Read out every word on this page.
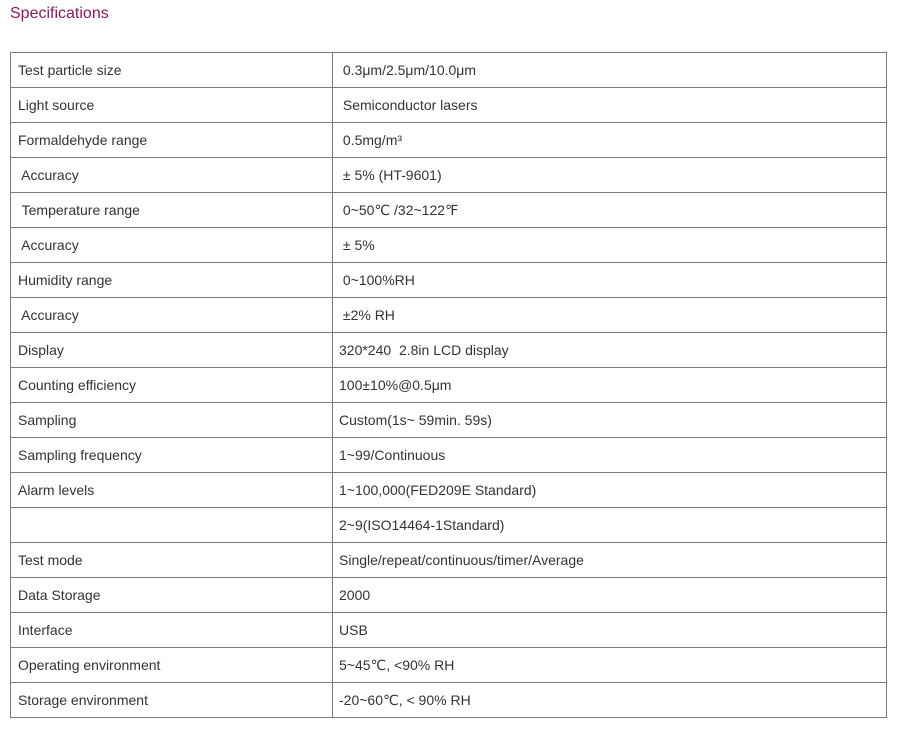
Specifications
Test particle size	0.3μm/2.5μm/10.0μm
Light source	Semiconductor lasers
Formaldehyde range	0.5mg/m³
Accuracy	± 5% (HT-9601)
Temperature range	0~50℃ /32~122℉
Accuracy	± 5%
Humidity range	0~100%RH
Accuracy	±2% RH
Display	320*240  2.8in LCD display
Counting efficiency	100±10%@0.5μm
Sampling	Custom(1s~ 59min. 59s)
Sampling frequency	1~99/Continuous
Alarm levels	1~100,000(FED209E Standard)
	2~9(ISO14464-1Standard)
Test mode	Single/repeat/continuous/timer/Average
Data Storage	2000
Interface	USB
Operating environment	5~45℃, <90% RH
Storage environment	-20~60℃, < 90% RH
